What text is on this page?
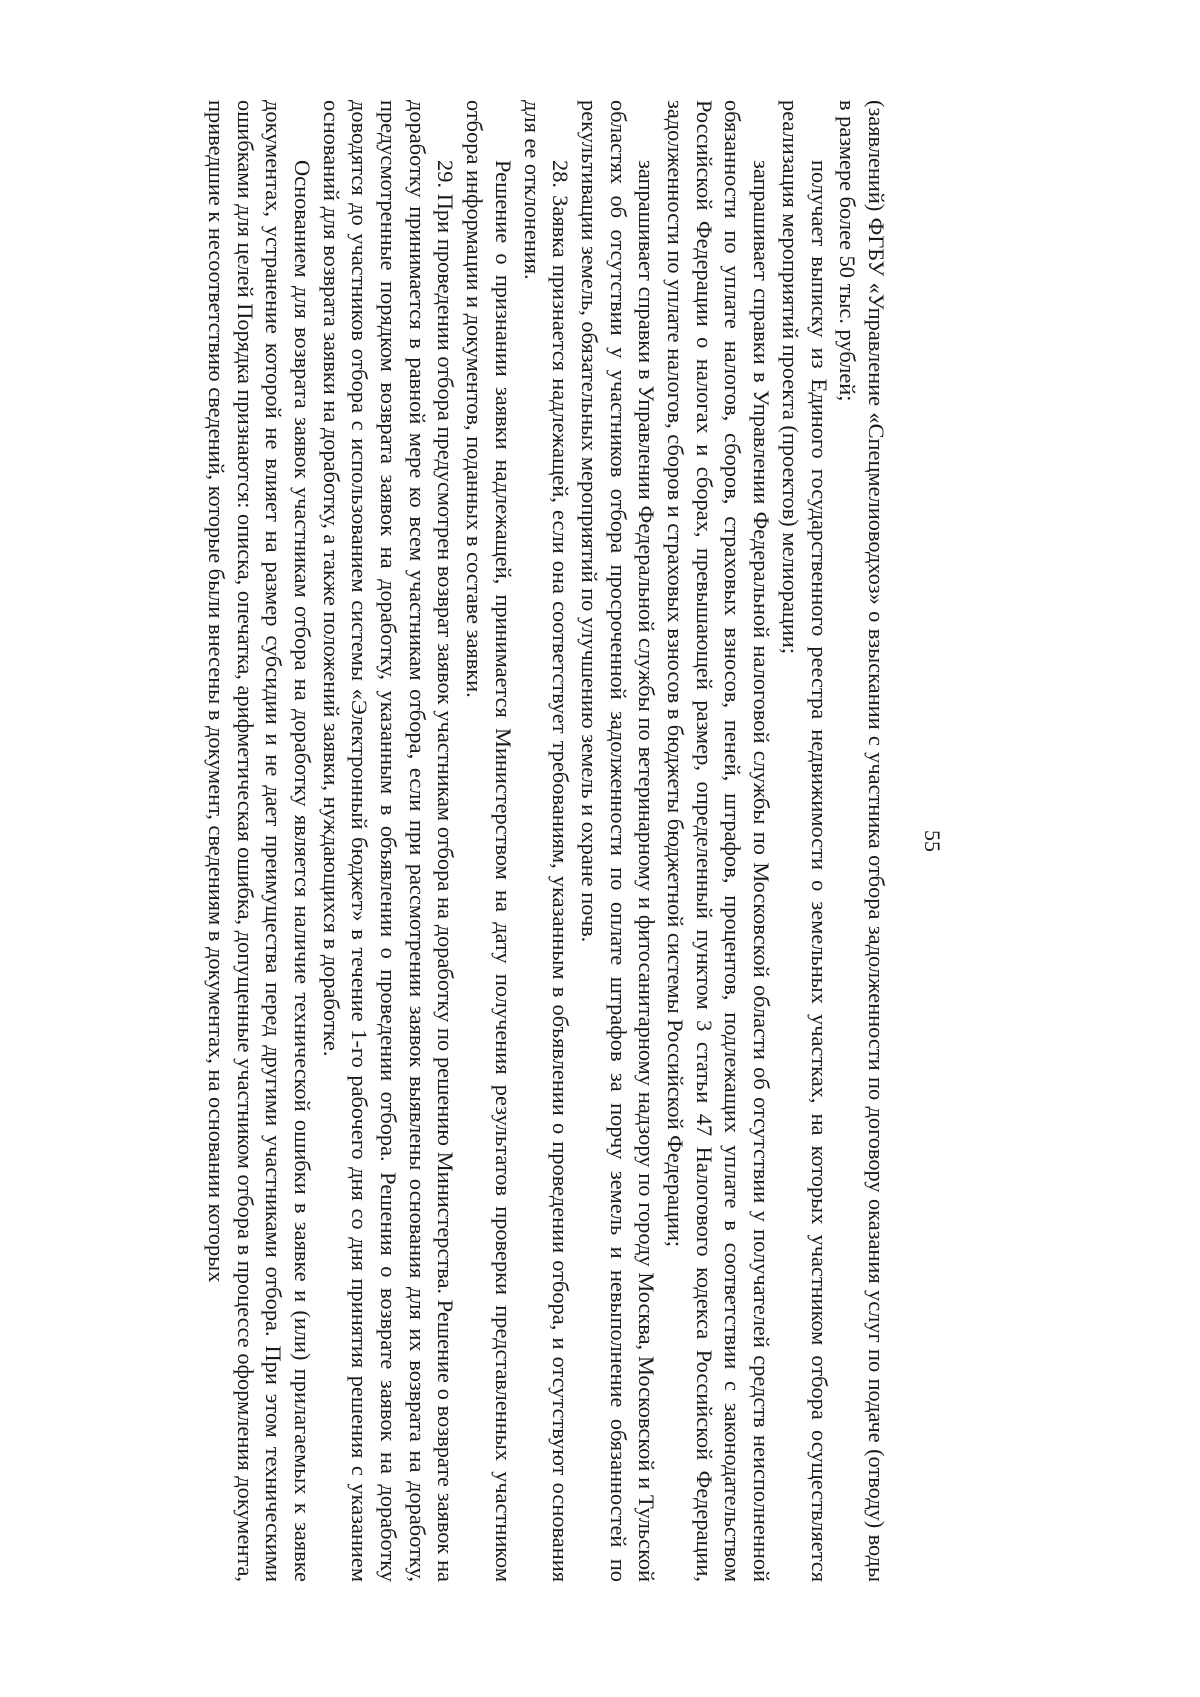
55

(заявлений) ФГБУ «Управление «Спецмелиоводхоз» о взыскании с участника отбора задолженности по договору оказания услуг по подаче (отводу) воды в размере более 50 тыс. рублей;

получает выписку из Единого государственного реестра недвижимости о земельных участках, на которых участником отбора осуществляется реализация мероприятий проекта (проектов) мелиорации;

запрашивает справки в Управлении Федеральной налоговой службы по Московской области об отсутствии у получателей средств неисполненной обязанности по уплате налогов, сборов, страховых взносов, пеней, штрафов, процентов, подлежащих уплате в соответствии с законодательством Российской Федерации о налогах и сборах, превышающей размер, определенный пунктом 3 статьи 47 Налогового кодекса Российской Федерации, задолженности по уплате налогов, сборов и страховых взносов в бюджеты бюджетной системы Российской Федерации;

запрашивает справки в Управлении Федеральной службы по ветеринарному и фитосанитарному надзору по городу Москва, Московской и Тульской областях об отсутствии у участников отбора просроченной задолженности по оплате штрафов за порчу земель и невыполнение обязанностей по рекультивации земель, обязательных мероприятий по улучшению земель и охране почв.

28. Заявка признается надлежащей, если она соответствует требованиям, указанным в объявлении о проведении отбора, и отсутствуют основания для ее отклонения.

Решение о признании заявки надлежащей, принимается Министерством на дату получения результатов проверки представленных участником отбора информации и документов, поданных в составе заявки.

29. При проведении отбора предусмотрен возврат заявок участникам отбора на доработку по решению Министерства. Решение о возврате заявок на доработку принимается в равной мере ко всем участникам отбора, если при рассмотрении заявок выявлены основания для их возврата на доработку, предусмотренные порядком возврата заявок на доработку, указанным в объявлении о проведении отбора. Решения о возврате заявок на доработку доводятся до участников отбора с использованием системы «Электронный бюджет» в течение 1-го рабочего дня со дня принятия решения с указанием оснований для возврата заявки на доработку, а также положений заявки, нуждающихся в доработке.

Основанием для возврата заявок участникам отбора на доработку является наличие технической ошибки в заявке и (или) прилагаемых к заявке документах, устранение которой не влияет на размер субсидии и не дает преимущества перед другими участниками отбора. При этом техническими ошибками для целей Порядка признаются: описка, опечатка, арифметическая ошибка, допущенные участником отбора в процессе оформления документа, приведшие к несоответствию сведений, которые были внесены в документ, сведениям в документах, на основании которых
